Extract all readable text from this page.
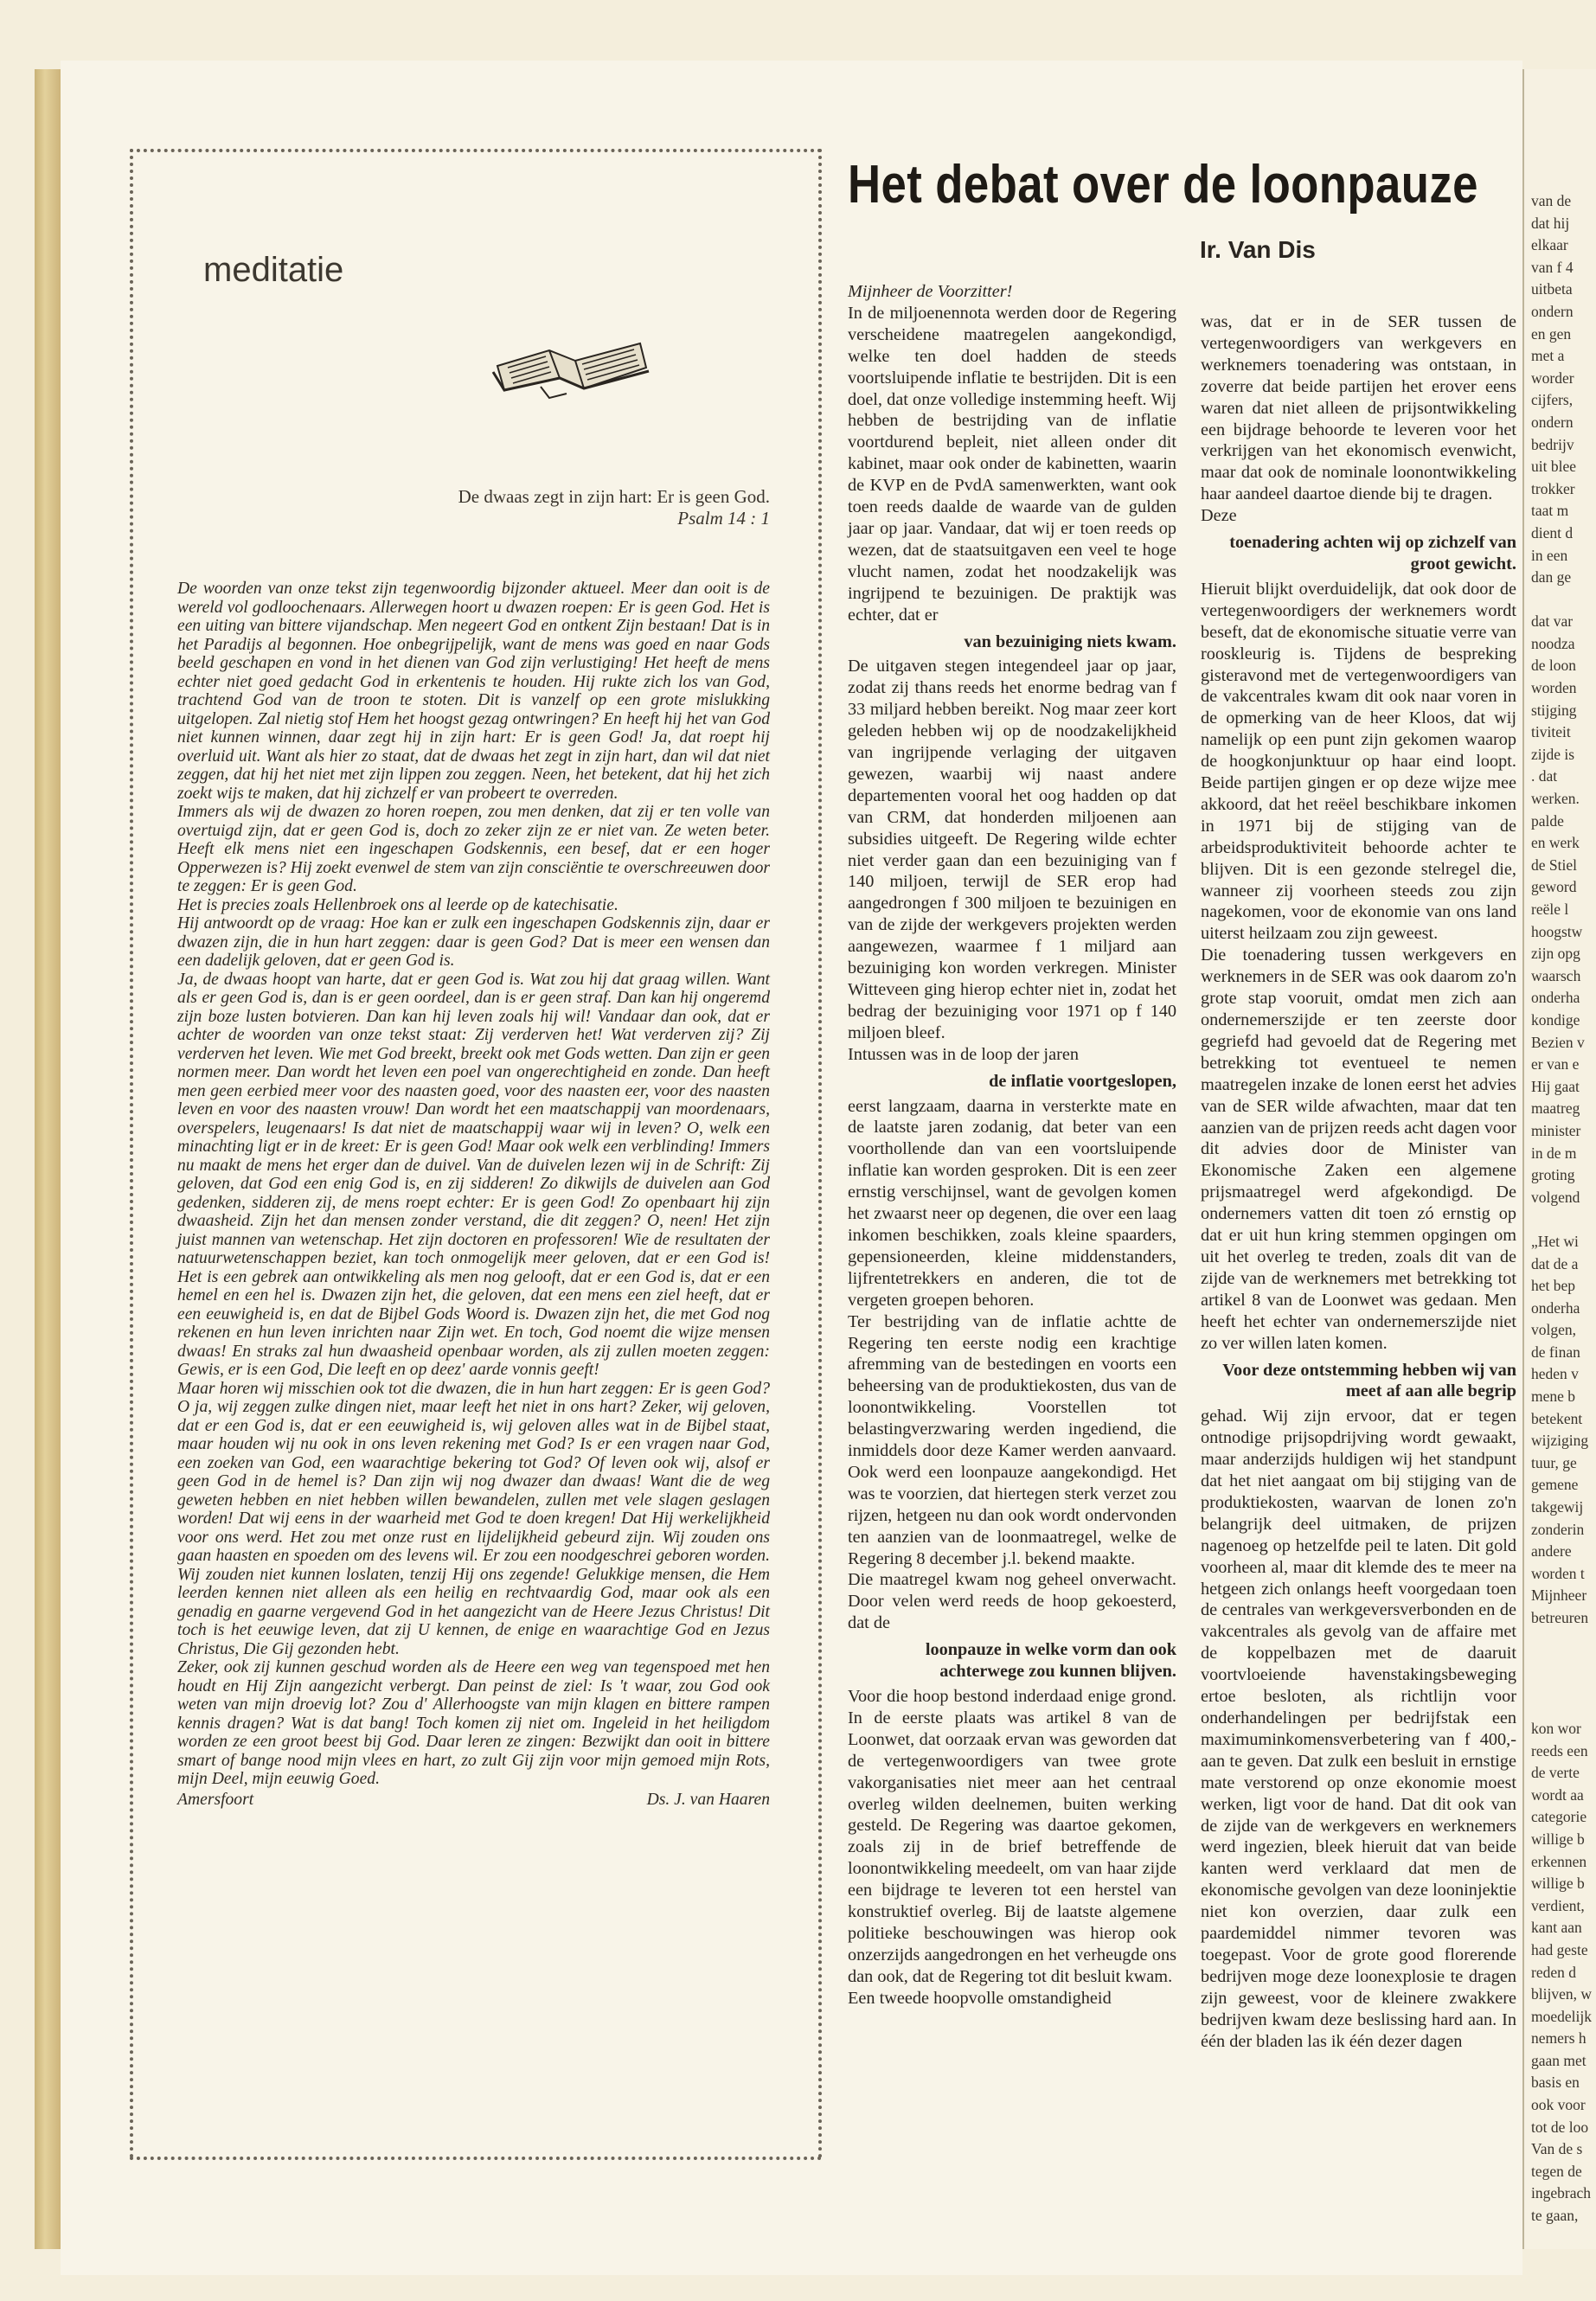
van de
dat hij
elkaar
van f 4
uitbeta
ondern
en gen
met a
worder
cijfers,
ondern
bedrijv
uit blee
trokker
taat m
dient d
in een
dan ge

dat var
noodza
de loon
worden
stijging
tiviteit
zijde is
. dat
werken.
palde
en werk
de Stiel
geword
reële l
hoogstw
zijn opg
waarsch
onderha
kondige
Bezien v
er van e
Hij gaat
maatreg
minister
in de m
groting
volgend

„Het wi
dat de a
het bep
onderha
volgen,
de finan
heden v
mene b
betekent
wijziging
tuur, ge
gemene
takgewij
zonderin
andere
worden t
Mijnheer
betreuren

kon wor
reeds een
de verte
wordt aa
categorie
willige b
erkennen
willige b
verdient,
kant aan
had geste
reden d
blijven, w
moedelijk
nemers h
gaan met
basis en
ook voor
tot de loo
Van de s
tegen de
ingebrach
te gaan,
meditatie
De dwaas zegt in zijn hart: Er is geen God.
Psalm 14 : 1

De woorden van onze tekst zijn tegenwoordig bijzonder aktueel. Meer dan ooit is de wereld vol godloochenaars. Allerwegen hoort u dwazen roepen: Er is geen God. Het is een uiting van bittere vijandschap. Men negeert God en ontkent Zijn bestaan! Dat is in het Paradijs al begonnen. Hoe onbegrijpelijk, want de mens was goed en naar Gods beeld geschapen en vond in het dienen van God zijn verlustiging! Het heeft de mens echter niet goed gedacht God in erkentenis te houden. Hij rukte zich los van God, trachtend God van de troon te stoten. Dit is vanzelf op een grote mislukking uitgelopen. Zal nietig stof Hem het hoogst gezag ontwringen? En heeft hij het van God niet kunnen winnen, daar zegt hij in zijn hart: Er is geen God! Ja, dat roept hij overluid uit. Want als hier zo staat, dat de dwaas het zegt in zijn hart, dan wil dat niet zeggen, dat hij het niet met zijn lippen zou zeggen. Neen, het betekent, dat hij het zich zoekt wijs te maken, dat hij zichzelf er van probeert te overreden.

Immers als wij de dwazen zo horen roepen, zou men denken, dat zij er ten volle van overtuigd zijn, dat er geen God is, doch zo zeker zijn ze er niet van. Ze weten beter. Heeft elk mens niet een ingeschapen Godskennis, een besef, dat er een hoger Opperwezen is? Hij zoekt evenwel de stem van zijn consciëntie te overschreeuwen door te zeggen: Er is geen God.

Het is precies zoals Hellenbroek ons al leerde op de katechisatie.

Hij antwoordt op de vraag: Hoe kan er zulk een ingeschapen Godskennis zijn, daar er dwazen zijn, die in hun hart zeggen: daar is geen God? Dat is meer een wensen dan een dadelijk geloven, dat er geen God is.

Ja, de dwaas hoopt van harte, dat er geen God is. Wat zou hij dat graag willen. Want als er geen God is, dan is er geen oordeel, dan is er geen straf. Dan kan hij ongeremd zijn boze lusten botvieren. Dan kan hij leven zoals hij wil! Vandaar dan ook, dat er achter de woorden van onze tekst staat: Zij verderven het! Wat verderven zij? Zij verderven het leven. Wie met God breekt, breekt ook met Gods wetten. Dan zijn er geen normen meer. Dan wordt het leven een poel van ongerechtigheid en zonde. Dan heeft men geen eerbied meer voor des naasten goed, voor des naasten eer, voor des naasten leven en voor des naasten vrouw! Dan wordt het een maatschappij van moordenaars, overspelers, leugenaars! Is dat niet de maatschappij waar wij in leven? O, welk een minachting ligt er in de kreet: Er is geen God! Maar ook welk een verblinding! Immers nu maakt de mens het erger dan de duivel. Van de duivelen lezen wij in de Schrift: Zij geloven, dat God een enig God is, en zij sidderen! Zo dikwijls de duivelen aan God gedenken, sidderen zij, de mens roept echter: Er is geen God! Zo openbaart hij zijn dwaasheid. Zijn het dan mensen zonder verstand, die dit zeggen? O, neen! Het zijn juist mannen van wetenschap. Het zijn doctoren en professoren! Wie de resultaten der natuurwetenschappen beziet, kan toch onmogelijk meer geloven, dat er een God is! Het is een gebrek aan ontwikkeling als men nog gelooft, dat er een God is, dat er een hemel en een hel is. Dwazen zijn het, die geloven, dat een mens een ziel heeft, dat er een eeuwigheid is, en dat de Bijbel Gods Woord is. Dwazen zijn het, die met God nog rekenen en hun leven inrichten naar Zijn wet. En toch, God noemt die wijze mensen dwaas! En straks zal hun dwaasheid openbaar worden, als zij zullen moeten zeggen: Gewis, er is een God, Die leeft en op deez' aarde vonnis geeft!

Maar horen wij misschien ook tot die dwazen, die in hun hart zeggen: Er is geen God? O ja, wij zeggen zulke dingen niet, maar leeft het niet in ons hart? Zeker, wij geloven, dat er een God is, dat er een eeuwigheid is, wij geloven alles wat in de Bijbel staat, maar houden wij nu ook in ons leven rekening met God? Is er een vragen naar God, een zoeken van God, een waarachtige bekering tot God? Of leven ook wij, alsof er geen God in de hemel is? Dan zijn wij nog dwazer dan dwaas! Want die de weg geweten hebben en niet hebben willen bewandelen, zullen met vele slagen geslagen worden! Dat wij eens in der waarheid met God te doen kregen! Dat Hij werkelijkheid voor ons werd. Het zou met onze rust en lijdelijkheid gebeurd zijn. Wij zouden ons gaan haasten en spoeden om des levens wil. Er zou een noodgeschrei geboren worden. Wij zouden niet kunnen loslaten, tenzij Hij ons zegende! Gelukkige mensen, die Hem leerden kennen niet alleen als een heilig en rechtvaardig God, maar ook als een genadig en gaarne vergevend God in het aangezicht van de Heere Jezus Christus! Dit toch is het eeuwige leven, dat zij U kennen, de enige en waarachtige God en Jezus Christus, Die Gij gezonden hebt.

Zeker, ook zij kunnen geschud worden als de Heere een weg van tegenspoed met hen houdt en Hij Zijn aangezicht verbergt. Dan peinst de ziel: Is 't waar, zou God ook weten van mijn droevig lot? Zou d' Allerhoogste van mijn klagen en bittere rampen kennis dragen? Wat is dat bang! Toch komen zij niet om. Ingeleid in het heiligdom worden ze een groot beest bij God. Daar leren ze zingen: Bezwijkt dan ooit in bittere smart of bange nood mijn vlees en hart, zo zult Gij zijn voor mijn gemoed mijn Rots, mijn Deel, mijn eeuwig Goed.

Amersfoort	Ds. J. van Haaren
Het debat over de loonpauze
Ir. Van Dis

Mijnheer de Voorzitter!

In de miljoenennota werden door de Regering verscheidene maatregelen aangekondigd, welke ten doel hadden de steeds voortsluipende inflatie te bestrijden. Dit is een doel, dat onze volledige instemming heeft. Wij hebben de bestrijding van de inflatie voortdurend bepleit, niet alleen onder dit kabinet, maar ook onder de kabinetten, waarin de KVP en de PvdA samenwerkten, want ook toen reeds daalde de waarde van de gulden jaar op jaar. Vandaar, dat wij er toen reeds op wezen, dat de staatsuitgaven een veel te hoge vlucht namen, zodat het noodzakelijk was ingrijpend te bezuinigen. De praktijk was echter, dat er

van bezuiniging niets kwam.

De uitgaven stegen integendeel jaar op jaar, zodat zij thans reeds het enorme bedrag van f 33 miljard hebben bereikt. Nog maar zeer kort geleden hebben wij op de noodzakelijkheid van ingrijpende verlaging der uitgaven gewezen, waarbij wij naast andere departementen vooral het oog hadden op dat van CRM, dat honderden miljoenen aan subsidies uitgeeft. De Regering wilde echter niet verder gaan dan een bezuiniging van f 140 miljoen, terwijl de SER erop had aangedrongen f 300 miljoen te bezuinigen en van de zijde der werkgevers projekten werden aangewezen, waarmee f 1 miljard aan bezuiniging kon worden verkregen. Minister Witteveen ging hierop echter niet in, zodat het bedrag der bezuiniging voor 1971 op f 140 miljoen bleef.

Intussen was in de loop der jaren

de inflatie voortgeslopen,

eerst langzaam, daarna in versterkte mate en de laatste jaren zodanig, dat beter van een voorthollende dan van een voortsluipende inflatie kan worden gesproken. Dit is een zeer ernstig verschijnsel, want de gevolgen komen het zwaarst neer op degenen, die over een laag inkomen beschikken, zoals kleine spaarders, gepensioneerden, kleine middenstanders, lijfrentetrekkers en anderen, die tot de vergeten groepen behoren.

Ter bestrijding van de inflatie achtte de Regering ten eerste nodig een krachtige afremming van de bestedingen en voorts een beheersing van de produktiekosten, dus van de loonontwikkeling. Voorstellen tot belastingverzwaring werden ingediend, die inmiddels door deze Kamer werden aanvaard. Ook werd een loonpauze aangekondigd. Het was te voorzien, dat hiertegen sterk verzet zou rijzen, hetgeen nu dan ook wordt ondervonden ten aanzien van de loonmaatregel, welke de Regering 8 december j.l. bekend maakte.

Die maatregel kwam nog geheel onverwacht. Door velen werd reeds de hoop gekoesterd, dat de

loonpauze in welke vorm dan ook achterwege zou kunnen blijven.

Voor die hoop bestond inderdaad enige grond. In de eerste plaats was artikel 8 van de Loonwet, dat oorzaak ervan was geworden dat de vertegenwoordigers van twee grote vakorganisaties niet meer aan het centraal overleg wilden deelnemen, buiten werking gesteld. De Regering was daartoe gekomen, zoals zij in de brief betreffende de loonontwikkeling meedeelt, om van haar zijde een bijdrage te leveren tot een herstel van konstruktief overleg. Bij de laatste algemene politieke beschouwingen was hierop ook onzerzijds aangedrongen en het verheugde ons dan ook, dat de Regering tot dit besluit kwam.

Een tweede hoopvolle omstandigheid

was, dat er in de SER tussen de vertegenwoordigers van werkgevers en werknemers toenadering was ontstaan, in zoverre dat beide partijen het erover eens waren dat niet alleen de prijsontwikkeling een bijdrage behoorde te leveren voor het verkrijgen van het ekonomisch evenwicht, maar dat ook de nominale loonontwikkeling haar aandeel daartoe diende bij te dragen.

Deze

toenadering achten wij op zichzelf van groot gewicht.

Hieruit blijkt overduidelijk, dat ook door de vertegenwoordigers der werknemers wordt beseft, dat de ekonomische situatie verre van rooskleurig is. Tijdens de bespreking gisteravond met de vertegenwoordigers van de vakcentrales kwam dit ook naar voren in de opmerking van de heer Kloos, dat wij namelijk op een punt zijn gekomen waarop de hoogkonjunktuur op haar eind loopt. Beide partijen gingen er op deze wijze mee akkoord, dat het reëel beschikbare inkomen in 1971 bij de stijging van de arbeidsproduktiviteit behoorde achter te blijven. Dit is een gezonde stelregel die, wanneer zij voorheen steeds zou zijn nagekomen, voor de ekonomie van ons land uiterst heilzaam zou zijn geweest.

Die toenadering tussen werkgevers en werknemers in de SER was ook daarom zo'n grote stap vooruit, omdat men zich aan ondernemerszijde er ten zeerste door gegriefd had gevoeld dat de Regering met betrekking tot eventueel te nemen maatregelen inzake de lonen eerst het advies van de SER wilde afwachten, maar dat ten aanzien van de prijzen reeds acht dagen voor dit advies door de Minister van Ekonomische Zaken een algemene prijsmaatregel werd afgekondigd. De ondernemers vatten dit toen zó ernstig op dat er uit hun kring stemmen opgingen om uit het overleg te treden, zoals dit van de zijde van de werknemers met betrekking tot artikel 8 van de Loonwet was gedaan. Men heeft het echter van ondernemerszijde niet zo ver willen laten komen.

Voor deze ontstemming hebben wij van meet af aan alle begrip

gehad. Wij zijn ervoor, dat er tegen ontnodige prijsopdrijving wordt gewaakt, maar anderzijds huldigen wij het standpunt dat het niet aangaat om bij stijging van de produktiekosten, waarvan de lonen zo'n belangrijk deel uitmaken, de prijzen nagenoeg op hetzelfde peil te laten. Dit gold voorheen al, maar dit klemde des te meer na hetgeen zich onlangs heeft voorgedaan toen de centrales van werkgeversverbonden en de vakcentrales als gevolg van de affaire met de koppelbazen met de daaruit voortvloeiende havenstakingsbeweging ertoe besloten, als richtlijn voor onderhandelingen per bedrijfstak een maximuminkomensverbetering van f 400,- aan te geven. Dat zulk een besluit in ernstige mate verstorend op onze ekonomie moest werken, ligt voor de hand. Dat dit ook van de zijde van de werkgevers en werknemers werd ingezien, bleek hieruit dat van beide kanten werd verklaard dat men de ekonomische gevolgen van deze looninjektie niet kon overzien, daar zulk een paardemiddel nimmer tevoren was toegepast. Voor de grote good florerende bedrijven moge deze loonexplosie te dragen zijn geweest, voor de kleinere zwakkere bedrijven kwam deze beslissing hard aan. In één der bladen las ik één dezer dagen
